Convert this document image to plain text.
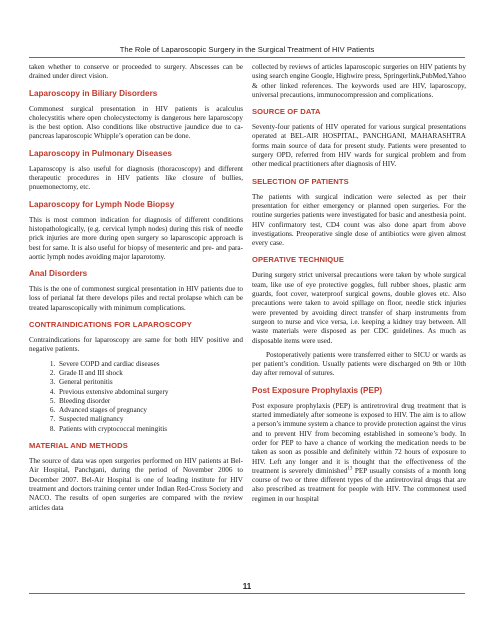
The Role of Laparoscopic Surgery in the Surgical Treatment of HIV Patients

taken whether to conserve or proceeded to surgery. Abscesses can be drained under direct vision.

Laparoscopy in Biliary Disorders

Commonest surgical presentation in HIV patients is acalculus cholecystitis where open cholecystectomy is dangerous here laparoscopy is the best option. Also conditions like obstructive jaundice due to ca-pancreas laparoscopic Whipple’s operation can be done.

Laparoscopy in Pulmonary Diseases

Laparoscopy is also useful for diagnosis (thoracoscopy) and different therapeutic procedures in HIV patients like closure of bullies, pnuemonectomy, etc.

Laparoscopy for Lymph Node Biopsy

This is most common indication for diagnosis of different conditions histopathologically, (e.g. cervical lymph nodes) during this risk of needle prick injuries are more during open surgery so laparoscopic approach is best for same. It is also useful for biopsy of mesenteric and pre- and para-aortic lymph nodes avoiding major laparotomy.

Anal Disorders

This is the one of commonest surgical presentation in HIV patients due to loss of perianal fat there develops piles and rectal prolapse which can be treated laparoscopically with minimum complications.

CONTRAINDICATIONS FOR LAPAROSCOPY

Contraindications for laparoscopy are same for both HIV positive and negative patients.

1. Severe COPD and cardiac diseases
2. Grade II and III shock
3. General peritonitis
4. Previous extensive abdominal surgery
5. Bleeding disorder
6. Advanced stages of pregnancy
7. Suspected malignancy
8. Patients with cryptococcal meningitis
MATERIAL AND METHODS

The source of data was open surgeries performed on HIV patients at Bel-Air Hospital, Panchgani, during the period of November 2006 to December 2007. Bel-Air Hospital is one of leading institute for HIV treatment and doctors training center under Indian Red-Cross Society and NACO. The results of open surgeries are compared with the review articles data

collected by reviews of articles laparoscopic surgeries on HIV patients by using search engine Google, Highwire press, Springerlink,PubMed,Yahoo & other linked references. The keywords used are HIV, laparoscopy, universal precautions, immunocompression and complications.

SOURCE OF DATA

Seventy-four patients of HIV operated for various surgical presentations operated at BEL-AIR HOSPITAL, PANCHGANI, MAHARASHTRA forms main source of data for present study. Patients were presented to surgery OPD, referred from HIV wards for surgical problem and from other medical practitioners after diagnosis of HIV.

SELECTION OF PATIENTS

The patients with surgical indication were selected as per their presentation for either emergency or planned open surgeries. For the routine surgeries patients were investigated for basic and anesthesia point. HIV confirmatory test, CD4 count was also done apart from above investigations. Preoperative single dose of antibiotics were given almost every case.

OPERATIVE TECHNIQUE

During surgery strict universal precautions were taken by whole surgical team, like use of eye protective goggles, full rubber shoes, plastic arm guards, foot cover, waterproof surgical gowns, double gloves etc. Also precautions were taken to avoid spillage on floor, needle stick injuries were prevented by avoiding direct transfer of sharp instruments from surgeon to nurse and vice versa, i.e. keeping a kidney tray between. All waste materials were disposed as per CDC guidelines. As much as disposable items were used.

Postoperatively patients were transferred either to SICU or wards as per patient’s condition. Usually patients were discharged on 9th or 10th day after removal of sutures.

Post Exposure Prophylaxis (PEP)

Post exposure prophylaxis (PEP) is antiretroviral drug treatment that is started immediately after someone is exposed to HIV. The aim is to allow a person’s immune system a chance to provide protection against the virus and to prevent HIV from becoming established in someone’s body. In order for PEP to have a chance of working the medication needs to be taken as soon as possible and definitely within 72 hours of exposure to HIV. Left any longer and it is thought that the effectiveness of the treatment is severely diminished$^{13}$ PEP usually consists of a month long course of two or three different types of the antiretroviral drugs that are also prescribed as treatment for people with HIV. The commonest used regimen in our hospital

11
